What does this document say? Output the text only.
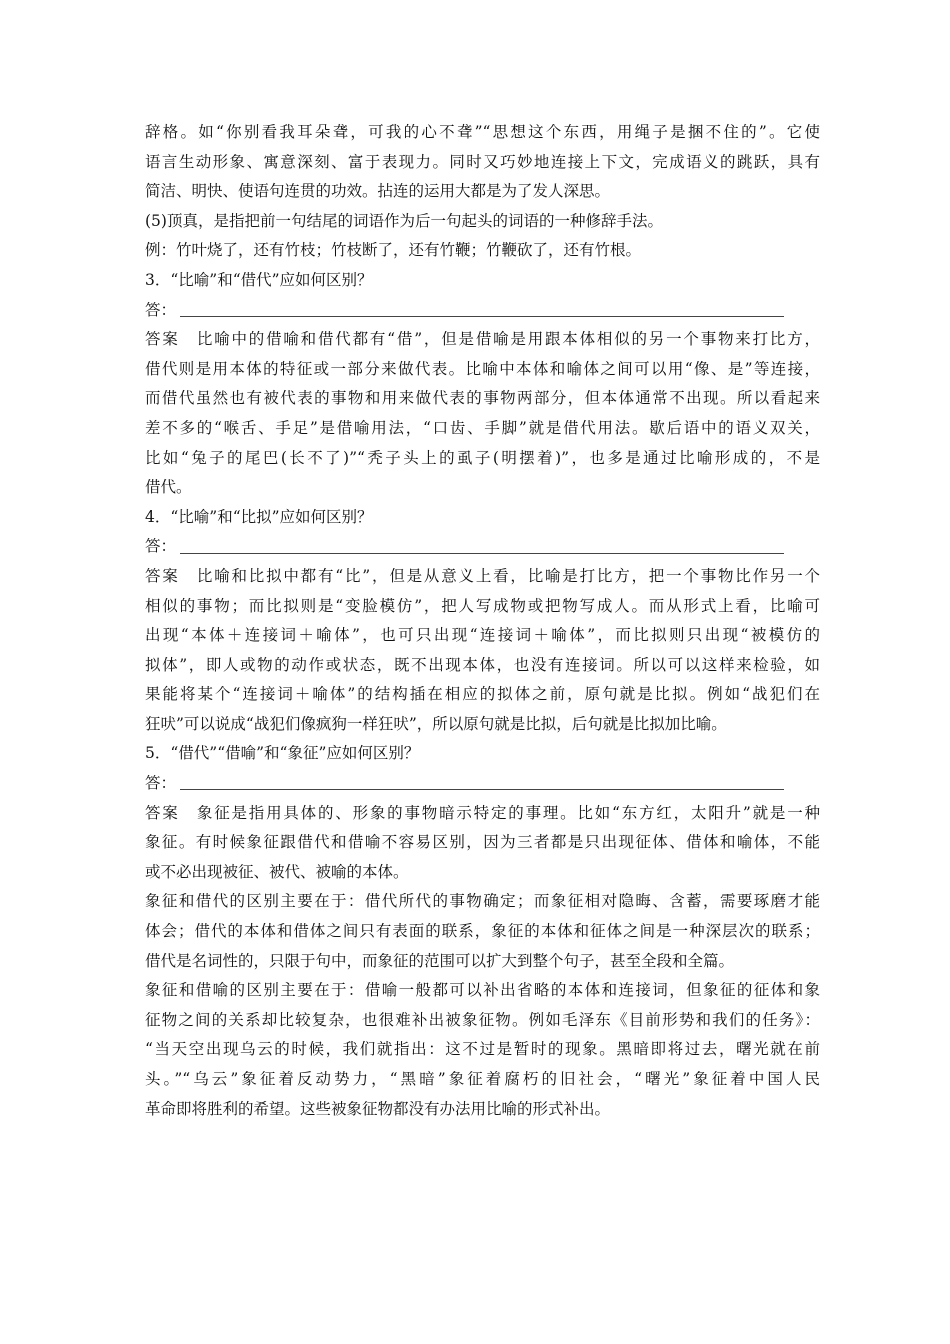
辞格。如“你别看我耳朵聋，可我的心不聋”“思想这个东西，用绳子是捆不住的”。它使
语言生动形象、寓意深刻、富于表现力。同时又巧妙地连接上下文，完成语义的跳跃，具有
简洁、明快、使语句连贯的功效。拈连的运用大都是为了发人深思。
(5)顶真，是指把前一句结尾的词语作为后一句起头的词语的一种修辞手法。
例：竹叶烧了，还有竹枝；竹枝断了，还有竹鞭；竹鞭砍了，还有竹根。
3．“比喻”和“借代”应如何区别？
答：
答案　比喻中的借喻和借代都有“借”，但是借喻是用跟本体相似的另一个事物来打比方，
借代则是用本体的特征或一部分来做代表。比喻中本体和喻体之间可以用“像、是”等连接，
而借代虽然也有被代表的事物和用来做代表的事物两部分，但本体通常不出现。所以看起来
差不多的“喉舌、手足”是借喻用法，“口齿、手脚”就是借代用法。歇后语中的语义双关，
比如“兔子的尾巴(长不了)”“秃子头上的虱子(明摆着)”，也多是通过比喻形成的，不是
借代。
4．“比喻”和“比拟”应如何区别？
答：
答案　比喻和比拟中都有“比”，但是从意义上看，比喻是打比方，把一个事物比作另一个
相似的事物；而比拟则是“变脸模仿”，把人写成物或把物写成人。而从形式上看，比喻可
出现“本体＋连接词＋喻体”，也可只出现“连接词＋喻体”，而比拟则只出现“被模仿的
拟体”，即人或物的动作或状态，既不出现本体，也没有连接词。所以可以这样来检验，如
果能将某个“连接词＋喻体”的结构插在相应的拟体之前，原句就是比拟。例如“战犯们在
狂吠”可以说成“战犯们像疯狗一样狂吠”，所以原句就是比拟，后句就是比拟加比喻。
5．“借代”“借喻”和“象征”应如何区别？
答：
答案　象征是指用具体的、形象的事物暗示特定的事理。比如“东方红，太阳升”就是一种
象征。有时候象征跟借代和借喻不容易区别，因为三者都是只出现征体、借体和喻体，不能
或不必出现被征、被代、被喻的本体。
象征和借代的区别主要在于：借代所代的事物确定；而象征相对隐晦、含蓄，需要琢磨才能
体会；借代的本体和借体之间只有表面的联系，象征的本体和征体之间是一种深层次的联系；
借代是名词性的，只限于句中，而象征的范围可以扩大到整个句子，甚至全段和全篇。
象征和借喻的区别主要在于：借喻一般都可以补出省略的本体和连接词，但象征的征体和象
征物之间的关系却比较复杂，也很难补出被象征物。例如毛泽东《目前形势和我们的任务》：
“当天空出现乌云的时候，我们就指出：这不过是暂时的现象。黑暗即将过去，曙光就在前
头。”“乌云”象征着反动势力，“黑暗”象征着腐朽的旧社会，“曙光”象征着中国人民
革命即将胜利的希望。这些被象征物都没有办法用比喻的形式补出。
